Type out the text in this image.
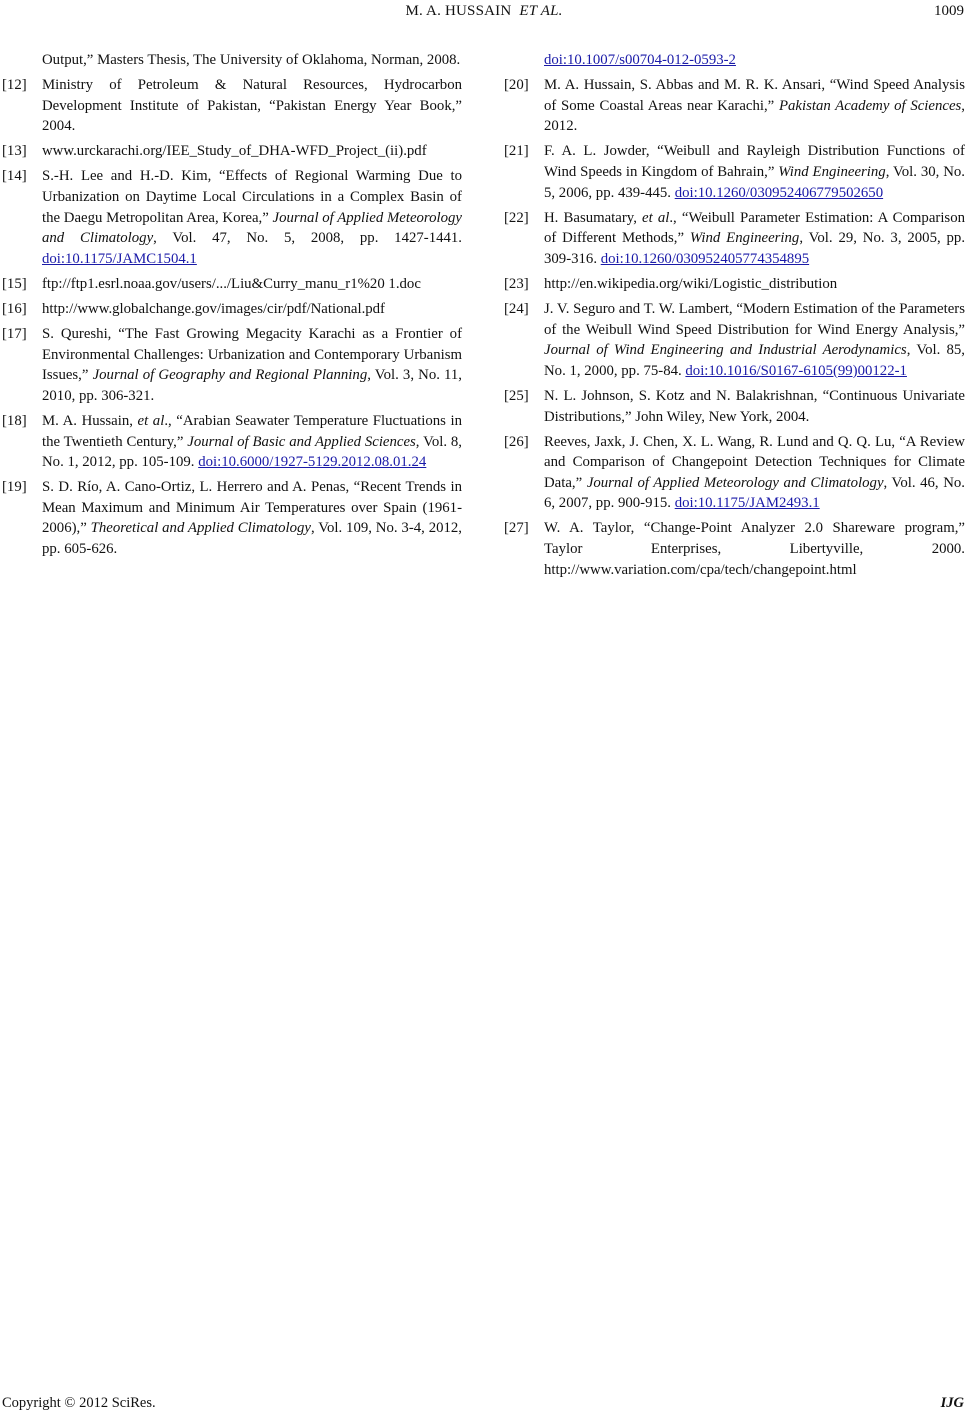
M. A. HUSSAIN ET AL.	1009
Output,” Masters Thesis, The University of Oklahoma, Norman, 2008.
[12]	Ministry of Petroleum & Natural Resources, Hydrocarbon Development Institute of Pakistan, “Pakistan Energy Year Book,” 2004.
[13]	www.urckarachi.org/IEE_Study_of_DHA-WFD_Project_(ii).pdf
[14]	S.-H. Lee and H.-D. Kim, “Effects of Regional Warming Due to Urbanization on Daytime Local Circulations in a Complex Basin of the Daegu Metropolitan Area, Korea,” Journal of Applied Meteorology and Climatology, Vol. 47, No. 5, 2008, pp. 1427-1441. doi:10.1175/JAMC1504.1
[15]	ftp://ftp1.esrl.noaa.gov/users/.../Liu&Curry_manu_r1%20 1.doc
[16]	http://www.globalchange.gov/images/cir/pdf/National.pdf
[17]	S. Qureshi, “The Fast Growing Megacity Karachi as a Frontier of Environmental Challenges: Urbanization and Contemporary Urbanism Issues,” Journal of Geography and Regional Planning, Vol. 3, No. 11, 2010, pp. 306-321.
[18]	M. A. Hussain, et al., “Arabian Seawater Temperature Fluctuations in the Twentieth Century,” Journal of Basic and Applied Sciences, Vol. 8, No. 1, 2012, pp. 105-109. doi:10.6000/1927-5129.2012.08.01.24
[19]	S. D. Río, A. Cano-Ortiz, L. Herrero and A. Penas, “Recent Trends in Mean Maximum and Minimum Air Temperatures over Spain (1961-2006),” Theoretical and Applied Climatology, Vol. 109, No. 3-4, 2012, pp. 605-626.
doi:10.1007/s00704-012-0593-2
[20]	M. A. Hussain, S. Abbas and M. R. K. Ansari, “Wind Speed Analysis of Some Coastal Areas near Karachi,” Pakistan Academy of Sciences, 2012.
[21]	F. A. L. Jowder, “Weibull and Rayleigh Distribution Functions of Wind Speeds in Kingdom of Bahrain,” Wind Engineering, Vol. 30, No. 5, 2006, pp. 439-445. doi:10.1260/030952406779502650
[22]	H. Basumatary, et al., “Weibull Parameter Estimation: A Comparison of Different Methods,” Wind Engineering, Vol. 29, No. 3, 2005, pp. 309-316. doi:10.1260/030952405774354895
[23]	http://en.wikipedia.org/wiki/Logistic_distribution
[24]	J. V. Seguro and T. W. Lambert, “Modern Estimation of the Parameters of the Weibull Wind Speed Distribution for Wind Energy Analysis,” Journal of Wind Engineering and Industrial Aerodynamics, Vol. 85, No. 1, 2000, pp. 75-84. doi:10.1016/S0167-6105(99)00122-1
[25]	N. L. Johnson, S. Kotz and N. Balakrishnan, “Continuous Univariate Distributions,” John Wiley, New York, 2004.
[26]	Reeves, Jaxk, J. Chen, X. L. Wang, R. Lund and Q. Q. Lu, “A Review and Comparison of Changepoint Detection Techniques for Climate Data,” Journal of Applied Meteorology and Climatology, Vol. 46, No. 6, 2007, pp. 900-915. doi:10.1175/JAM2493.1
[27]	W. A. Taylor, “Change-Point Analyzer 2.0 Shareware program,” Taylor Enterprises, Libertyville, 2000. http://www.variation.com/cpa/tech/changepoint.html
Copyright © 2012 SciRes.	IJG
